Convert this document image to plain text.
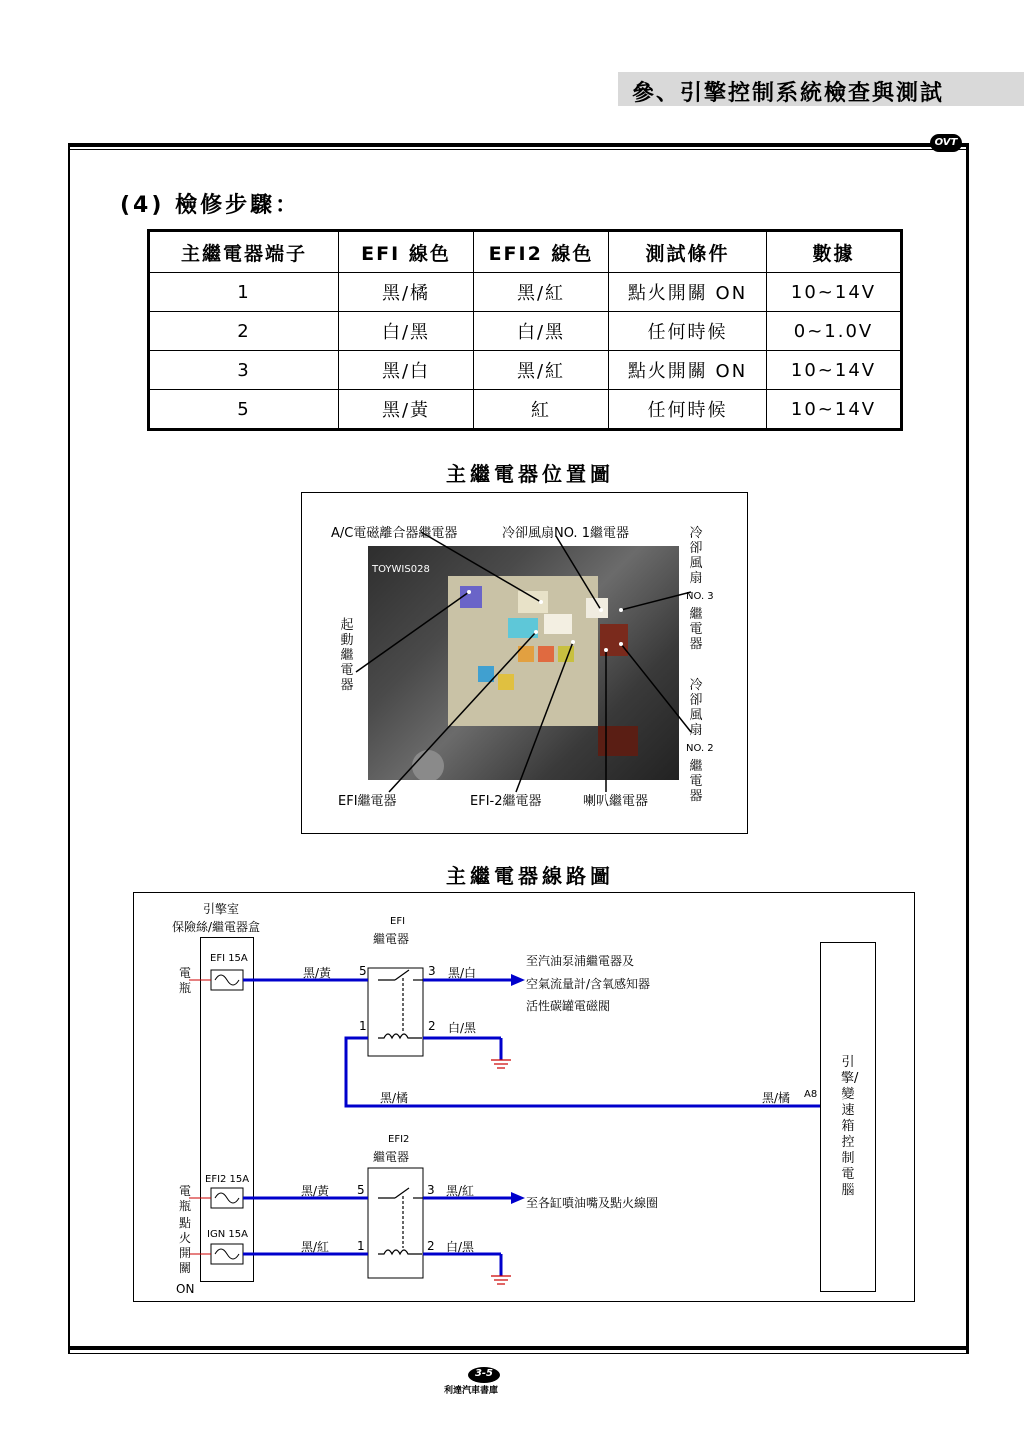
參、引擎控制系統檢查與測試
OVT
(4) 檢修步驟：
主繼電器端子	EFI 線色	EFI2 線色	測試條件	數據
1	黑/橘	黑/紅	點火開關 ON	10~14V
2	白/黑	白/黑	任何時候	0~1.0V
3	黑/白	黑/紅	點火開關 ON	10~14V
5	黑/黃	紅	任何時候	10~14V
主繼電器位置圖
TOYWIS028
A/C電磁離合器繼電器	冷卻風扇NO. 1繼電器	冷卻風扇
NO. 3
繼電器
起動繼電器	冷卻風扇
NO. 2
繼電器
EFI繼電器	EFI-2繼電器	喇叭繼電器
主繼電器線路圖
引擎室
保險絲/繼電器盒
電瓶
電瓶
點火開關
ON
EFI 15A
EFI2 15A
IGN 15A
EFI
繼電器
EFI2
繼電器
黑/黃 5	3 黑/白
1	2 白/黑
黑/橘	黑/橘 A8
至汽油泵浦繼電器及
空氣流量計/含氧感知器
活性碳罐電磁閥
黑/黃 5	3 黑/紅
至各缸噴油嘴及點火線圈
黑/紅 1	2 白/黑
引擎/變速箱控制電腦
3-5
利達汽車書庫
